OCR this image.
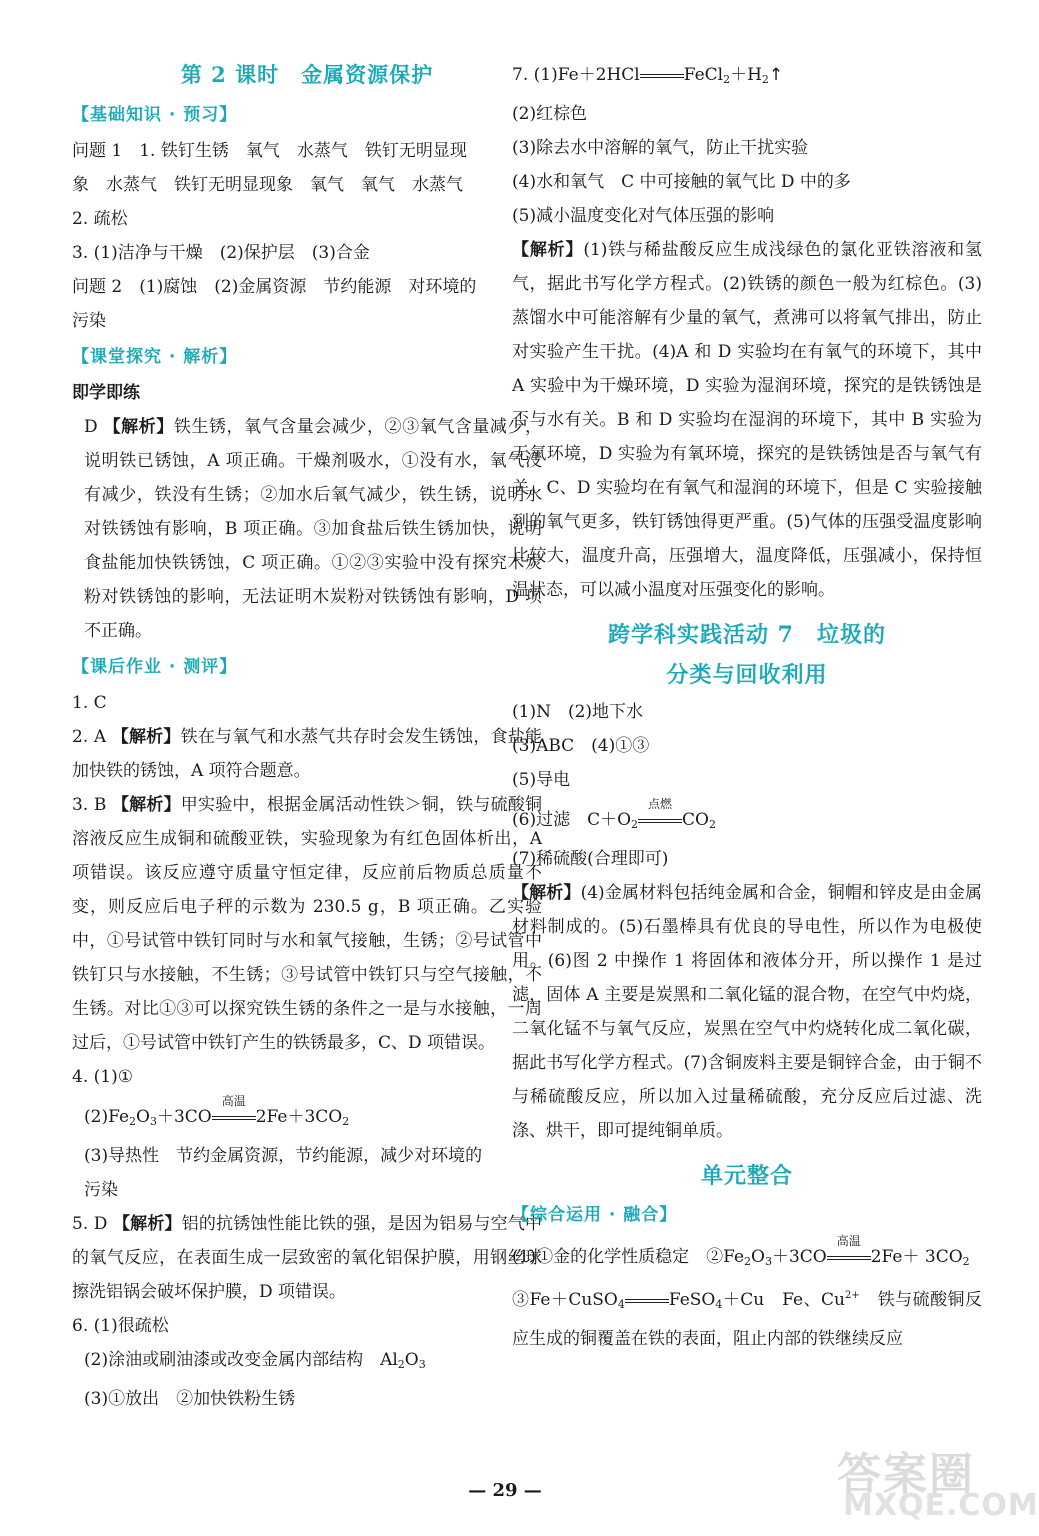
第 2 课时　金属资源保护

【基础知识 · 预习】

问题 1　1. 铁钉生锈　氧气　水蒸气　铁钉无明显现

象　水蒸气　铁钉无明显现象　氧气　氧气　水蒸气

2. 疏松

3. (1)洁净与干燥　(2)保护层　(3)合金

问题 2　(1)腐蚀　(2)金属资源　节约能源　对环境的

污染

【课堂探究 · 解析】

即学即练

D 【解析】铁生锈，氧气含量会减少，②③氧气含量减少，说明铁已锈蚀，A 项正确。干燥剂吸水，①没有水，氧气没有减少，铁没有生锈；②加水后氧气减少，铁生锈，说明水对铁锈蚀有影响，B 项正确。③加食盐后铁生锈加快，说明食盐能加快铁锈蚀，C 项正确。①②③实验中没有探究木炭粉对铁锈蚀的影响，无法证明木炭粉对铁锈蚀有影响，D 项不正确。

【课后作业 · 测评】

1. C

2. A 【解析】铁在与氧气和水蒸气共存时会发生锈蚀，食盐能加快铁的锈蚀，A 项符合题意。

3. B 【解析】甲实验中，根据金属活动性铁＞铜，铁与硫酸铜溶液反应生成铜和硫酸亚铁，实验现象为有红色固体析出，A 项错误。该反应遵守质量守恒定律，反应前后物质总质量不变，则反应后电子秤的示数为 230.5 g，B 项正确。乙实验中，①号试管中铁钉同时与水和氧气接触，生锈；②号试管中铁钉只与水接触，不生锈；③号试管中铁钉只与空气接触，不生锈。对比①③可以探究铁生锈的条件之一是与水接触，一周过后，①号试管中铁钉产生的铁锈最多，C、D 项错误。

4. (1)①

$(2)Fe_2O_3+3CO$
高温
$2Fe+3CO_2$

(3)导热性　节约金属资源，节约能源，减少对环境的

污染

5. D 【解析】铝的抗锈蚀性能比铁的强，是因为铝易与空气中的氧气反应，在表面生成一层致密的氧化铝保护膜，用钢丝球擦洗铝锅会破坏保护膜，D 项错误。

6. (1)很疏松

(2)涂油或刷油漆或改变金属内部结构　$Al_2O_3$

(3)①放出　②加快铁粉生锈

7. (1)Fe＋2HCl	$FeCl_2+H_2↑$

(2)红棕色

(3)除去水中溶解的氧气，防止干扰实验

(4)水和氧气　C 中可接触的氧气比 D 中的多

(5)减小温度变化对气体压强的影响

【解析】(1)铁与稀盐酸反应生成浅绿色的氯化亚铁溶液和氢气，据此书写化学方程式。(2)铁锈的颜色一般为红棕色。(3)蒸馏水中可能溶解有少量的氧气，煮沸可以将氧气排出，防止对实验产生干扰。(4)A 和 D 实验均在有氧气的环境下，其中 A 实验中为干燥环境，D 实验为湿润环境，探究的是铁锈蚀是否与水有关。B 和 D 实验均在湿润的环境下，其中 B 实验为无氧环境，D 实验为有氧环境，探究的是铁锈蚀是否与氧气有关。C、D 实验均在有氧气和湿润的环境下，但是 C 实验接触到的氧气更多，铁钉锈蚀得更严重。(5)气体的压强受温度影响比较大，温度升高，压强增大，温度降低，压强减小，保持恒温状态，可以减小温度对压强变化的影响。

跨学科实践活动 7　垃圾的

分类与回收利用

(1)N　(2)地下水

(3)ABC　(4)①③

(5)导电

(6)过滤　$C+O_2$
点燃
$CO_2$

(7)稀硫酸(合理即可)

【解析】(4)金属材料包括纯金属和合金，铜帽和锌皮是由金属材料制成的。(5)石墨棒具有优良的导电性，所以作为电极使用。(6)图 2 中操作 1 将固体和液体分开，所以操作 1 是过滤，固体 A 主要是炭黑和二氧化锰的混合物，在空气中灼烧，二氧化锰不与氧气反应，炭黑在空气中灼烧转化成二氧化碳，据此书写化学方程式。(7)含铜废料主要是铜锌合金，由于铜不与稀硫酸反应，所以加入过量稀硫酸，充分反应后过滤、洗涤、烘干，即可提纯铜单质。

单元整合

【综合运用 · 融合】

(1)①金的化学性质稳定　$②Fe_2O_3+3CO$
高温
$2Fe+ 3CO_2$　③Fe＋CuSO$_4$	FeSO$_4$＋Cu　Fe、$Cu^{2+}$　铁与硫酸铜反应生成的铜覆盖在铁的表面，阻止内部的铁继续反应

— 29 —	答案圈
MXQE.COM
